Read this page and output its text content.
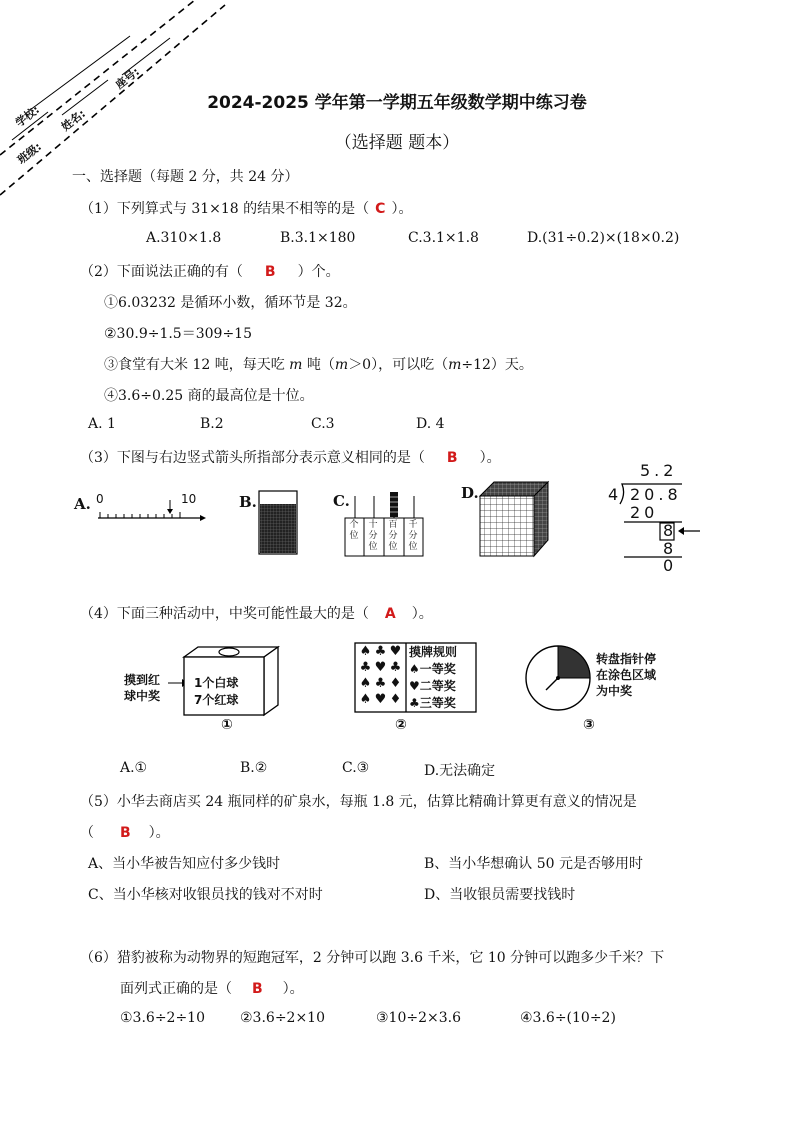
学校:
班级:
姓名:
座号:
2024-2025 学年第一学期五年级数学期中练习卷
（选择题 题本）
一、选择题（每题 2 分，共 24 分）
（1）下列算式与 31×18 的结果不相等的是（ C ）。
A.310×1.8	B.3.1×180	C.3.1×1.8	D.(31÷0.2)×(18×0.2)
（2）下面说法正确的有（ B ）个。
①6.03232 是循环小数，循环节是 32。
②30.9÷1.5＝309÷15
③食堂有大米 12 吨，每天吃 m 吨（m＞0），可以吃（m÷12）天。
④3.6÷0.25 商的最高位是十位。
A. 1	B.2	C.3	D. 4
（3）下图与右边竖式箭头所指部分表示意义相同的是（ B ）。
A. 0	10	B.	C.
个位
十分位
百分位
千分位
D.
5.2
4 20.8
20
8
8
0
（4）下面三种活动中，中奖可能性最大的是（ A ）。
摸到红
球中奖
1个白球
7个红球
①
♠ ♣ ♥
♣ ♥ ♣
♠ ♣ ♦
♠ ♥ ♦
摸牌规则
♠一等奖
♥二等奖
♣三等奖
②
转盘指针停
在涂色区域
为中奖
③
A.①	B.②	C.③	D.无法确定
（5）小华去商店买 24 瓶同样的矿泉水，每瓶 1.8 元，估算比精确计算更有意义的情况是
（ B ）。
A、当小华被告知应付多少钱时	B、当小华想确认 50 元是否够用时
C、当小华核对收银员找的钱对不对时	D、当收银员需要找钱时
（6）猎豹被称为动物界的短跑冠军，2 分钟可以跑 3.6 千米，它 10 分钟可以跑多少千米？下
面列式正确的是（ B ）。
①3.6÷2÷10	②3.6÷2×10	③10÷2×3.6	④3.6÷(10÷2)
